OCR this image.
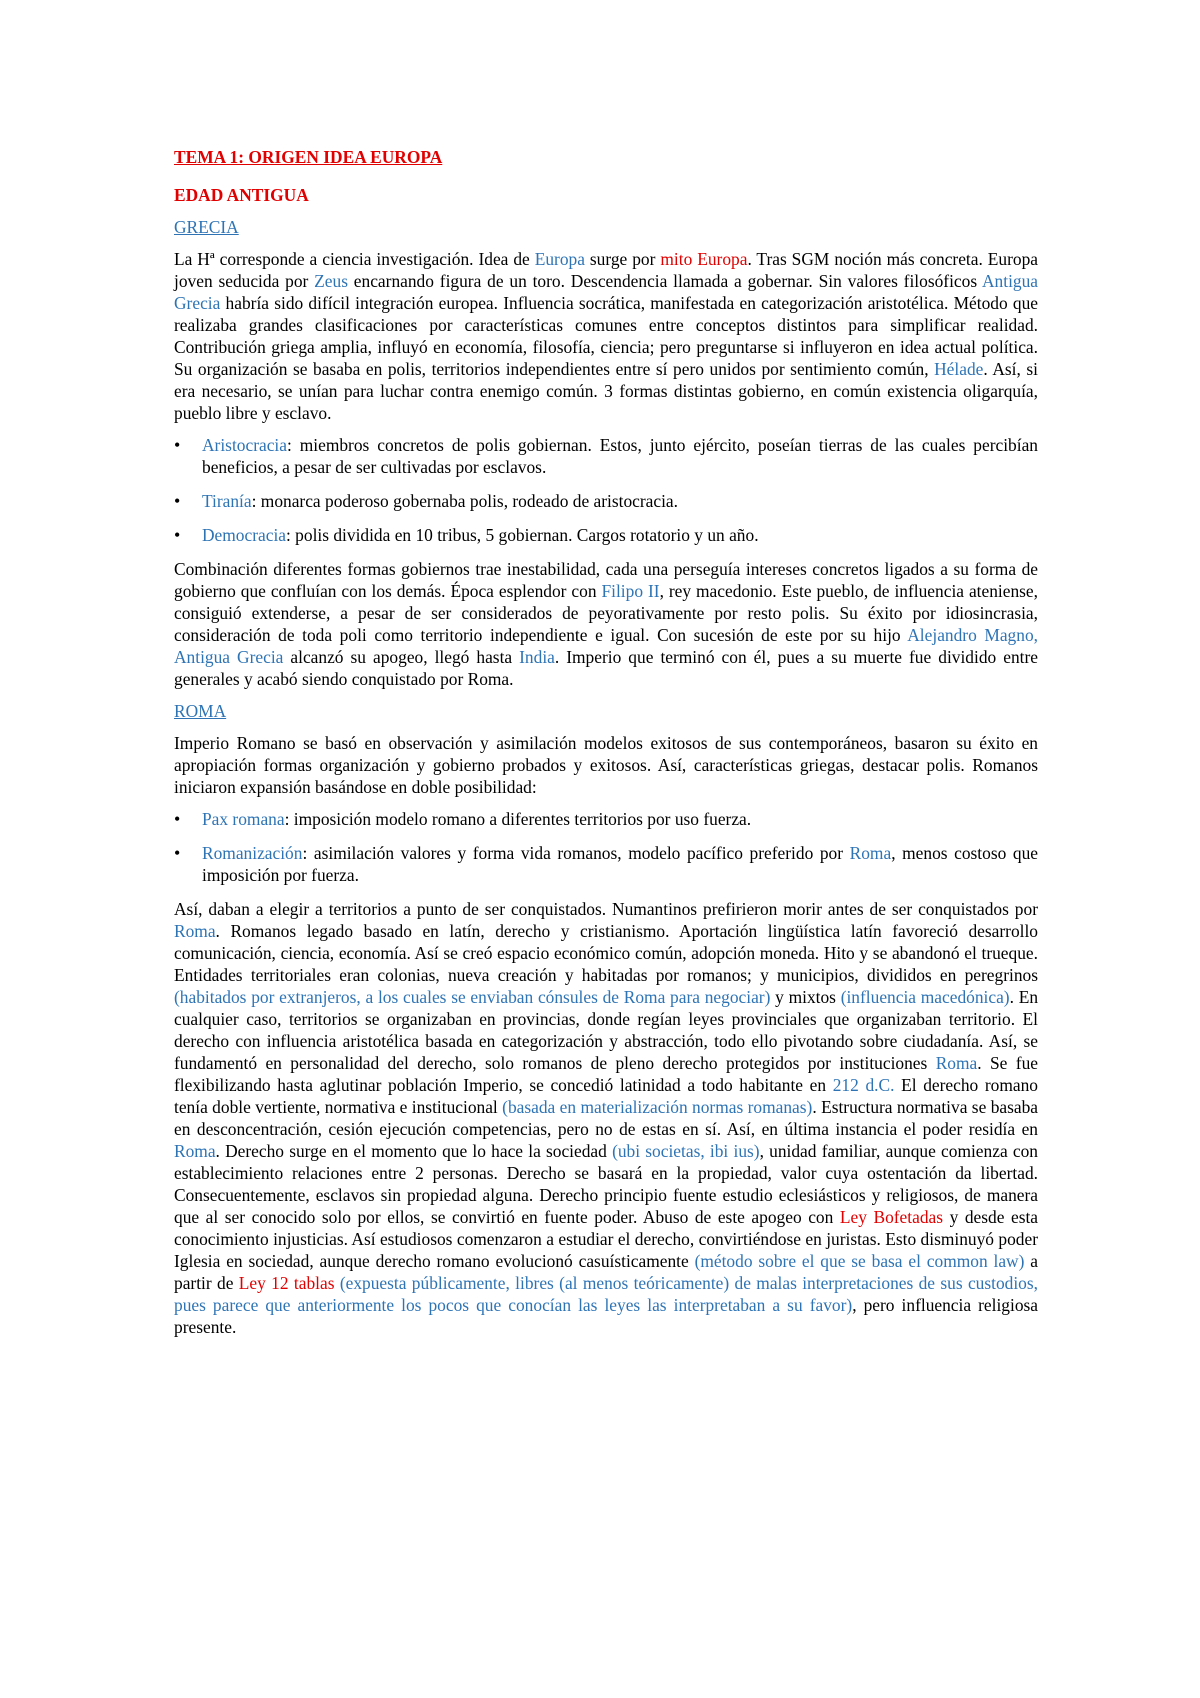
TEMA 1: ORIGEN IDEA EUROPA
EDAD ANTIGUA
GRECIA

La Hª corresponde a ciencia investigación. Idea de Europa surge por mito Europa. Tras SGM noción más concreta. Europa joven seducida por Zeus encarnando figura de un toro. Descendencia llamada a gobernar. Sin valores filosóficos Antigua Grecia habría sido difícil integración europea. Influencia socrática, manifestada en categorización aristotélica. Método que realizaba grandes clasificaciones por características comunes entre conceptos distintos para simplificar realidad. Contribución griega amplia, influyó en economía, filosofía, ciencia; pero preguntarse si influyeron en idea actual política. Su organización se basaba en polis, territorios independientes entre sí pero unidos por sentimiento común, Hélade. Así, si era necesario, se unían para luchar contra enemigo común. 3 formas distintas gobierno, en común existencia oligarquía, pueblo libre y esclavo.

•
Aristocracia: miembros concretos de polis gobiernan. Estos, junto ejército, poseían tierras de las cuales percibían beneficios, a pesar de ser cultivadas por esclavos.
•
Tiranía: monarca poderoso gobernaba polis, rodeado de aristocracia.
•
Democracia: polis dividida en 10 tribus, 5 gobiernan. Cargos rotatorio y un año.

Combinación diferentes formas gobiernos trae inestabilidad, cada una perseguía intereses concretos ligados a su forma de gobierno que confluían con los demás. Época esplendor con Filipo II, rey macedonio. Este pueblo, de influencia ateniense, consiguió extenderse, a pesar de ser considerados de peyorativamente por resto polis. Su éxito por idiosincrasia, consideración de toda poli como territorio independiente e igual. Con sucesión de este por su hijo Alejandro Magno, Antigua Grecia alcanzó su apogeo, llegó hasta India. Imperio que terminó con él, pues a su muerte fue dividido entre generales y acabó siendo conquistado por Roma.

ROMA

Imperio Romano se basó en observación y asimilación modelos exitosos de sus contemporáneos, basaron su éxito en apropiación formas organización y gobierno probados y exitosos. Así, características griegas, destacar polis. Romanos iniciaron expansión basándose en doble posibilidad:

•
Pax romana: imposición modelo romano a diferentes territorios por uso fuerza.
•
Romanización: asimilación valores y forma vida romanos, modelo pacífico preferido por Roma, menos costoso que imposición por fuerza.

Así, daban a elegir a territorios a punto de ser conquistados. Numantinos prefirieron morir antes de ser conquistados por Roma. Romanos legado basado en latín, derecho y cristianismo. Aportación lingüística latín favoreció desarrollo comunicación, ciencia, economía. Así se creó espacio económico común, adopción moneda. Hito y se abandonó el trueque. Entidades territoriales eran colonias, nueva creación y habitadas por romanos; y municipios, divididos en peregrinos (habitados por extranjeros, a los cuales se enviaban cónsules de Roma para negociar) y mixtos (influencia macedónica). En cualquier caso, territorios se organizaban en provincias, donde regían leyes provinciales que organizaban territorio. El derecho con influencia aristotélica basada en categorización y abstracción, todo ello pivotando sobre ciudadanía. Así, se fundamentó en personalidad del derecho, solo romanos de pleno derecho protegidos por instituciones Roma. Se fue flexibilizando hasta aglutinar población Imperio, se concedió latinidad a todo habitante en 212 d.C. El derecho romano tenía doble vertiente, normativa e institucional (basada en materialización normas romanas). Estructura normativa se basaba en desconcentración, cesión ejecución competencias, pero no de estas en sí. Así, en última instancia el poder residía en Roma. Derecho surge en el momento que lo hace la sociedad (ubi societas, ibi ius), unidad familiar, aunque comienza con establecimiento relaciones entre 2 personas. Derecho se basará en la propiedad, valor cuya ostentación da libertad. Consecuentemente, esclavos sin propiedad alguna. Derecho principio fuente estudio eclesiásticos y religiosos, de manera que al ser conocido solo por ellos, se convirtió en fuente poder. Abuso de este apogeo con Ley Bofetadas y desde esta conocimiento injusticias. Así estudiosos comenzaron a estudiar el derecho, convirtiéndose en juristas. Esto disminuyó poder Iglesia en sociedad, aunque derecho romano evolucionó casuísticamente (método sobre el que se basa el common law) a partir de Ley 12 tablas (expuesta públicamente, libres (al menos teóricamente) de malas interpretaciones de sus custodios, pues parece que anteriormente los pocos que conocían las leyes las interpretaban a su favor), pero influencia religiosa presente.
